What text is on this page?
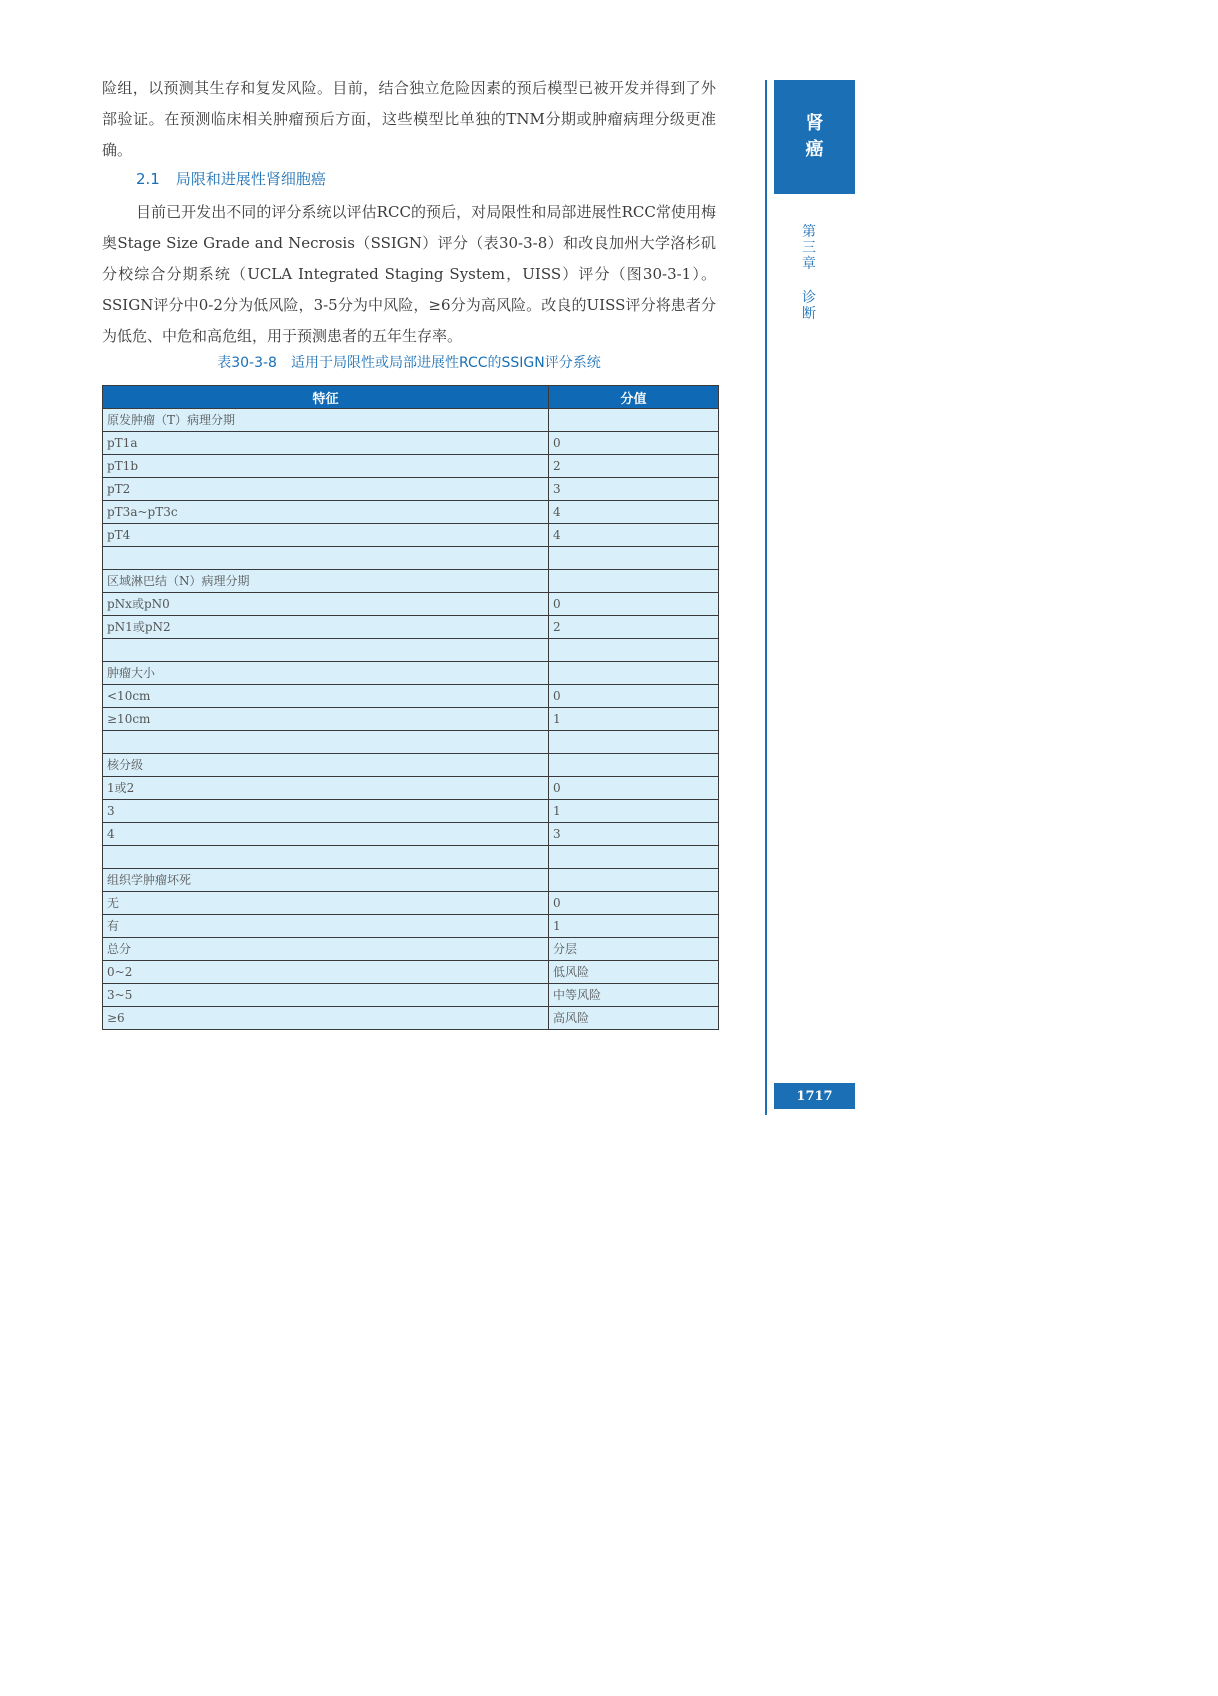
险组，以预测其生存和复发风险。目前，结合独立危险因素的预后模型已被开发并得到了外部验证。在预测临床相关肿瘤预后方面，这些模型比单独的TNM分期或肿瘤病理分级更准确。

2.1 局限和进展性肾细胞癌

目前已开发出不同的评分系统以评估RCC的预后，对局限性和局部进展性RCC常使用梅奥Stage Size Grade and Necrosis（SSIGN）评分（表30-3-8）和改良加州大学洛杉矶分校综合分期系统（UCLA Integrated Staging System，UISS）评分（图30-3-1）。SSIGN评分中0-2分为低风险，3-5分为中风险，≥6分为高风险。改良的UISS评分将患者分为低危、中危和高危组，用于预测患者的五年生存率。

表30-3-8　适用于局限性或局部进展性RCC的SSIGN评分系统

特征	分值
原发肿瘤（T）病理分期	
pT1a	0
pT1b	2
pT2	3
pT3a~pT3c	4
pT4	4

区域淋巴结（N）病理分期	
pNx或pN0	0
pN1或pN2	2

肿瘤大小	
<10cm	0
≥10cm	1

核分级	
1或2	0
3	1
4	3

组织学肿瘤坏死	
无	0
有	1
总分	分层
0~2	低风险
3~5	中等风险
≥6	高风险
肾
癌
第
三
章
诊
断
1717
